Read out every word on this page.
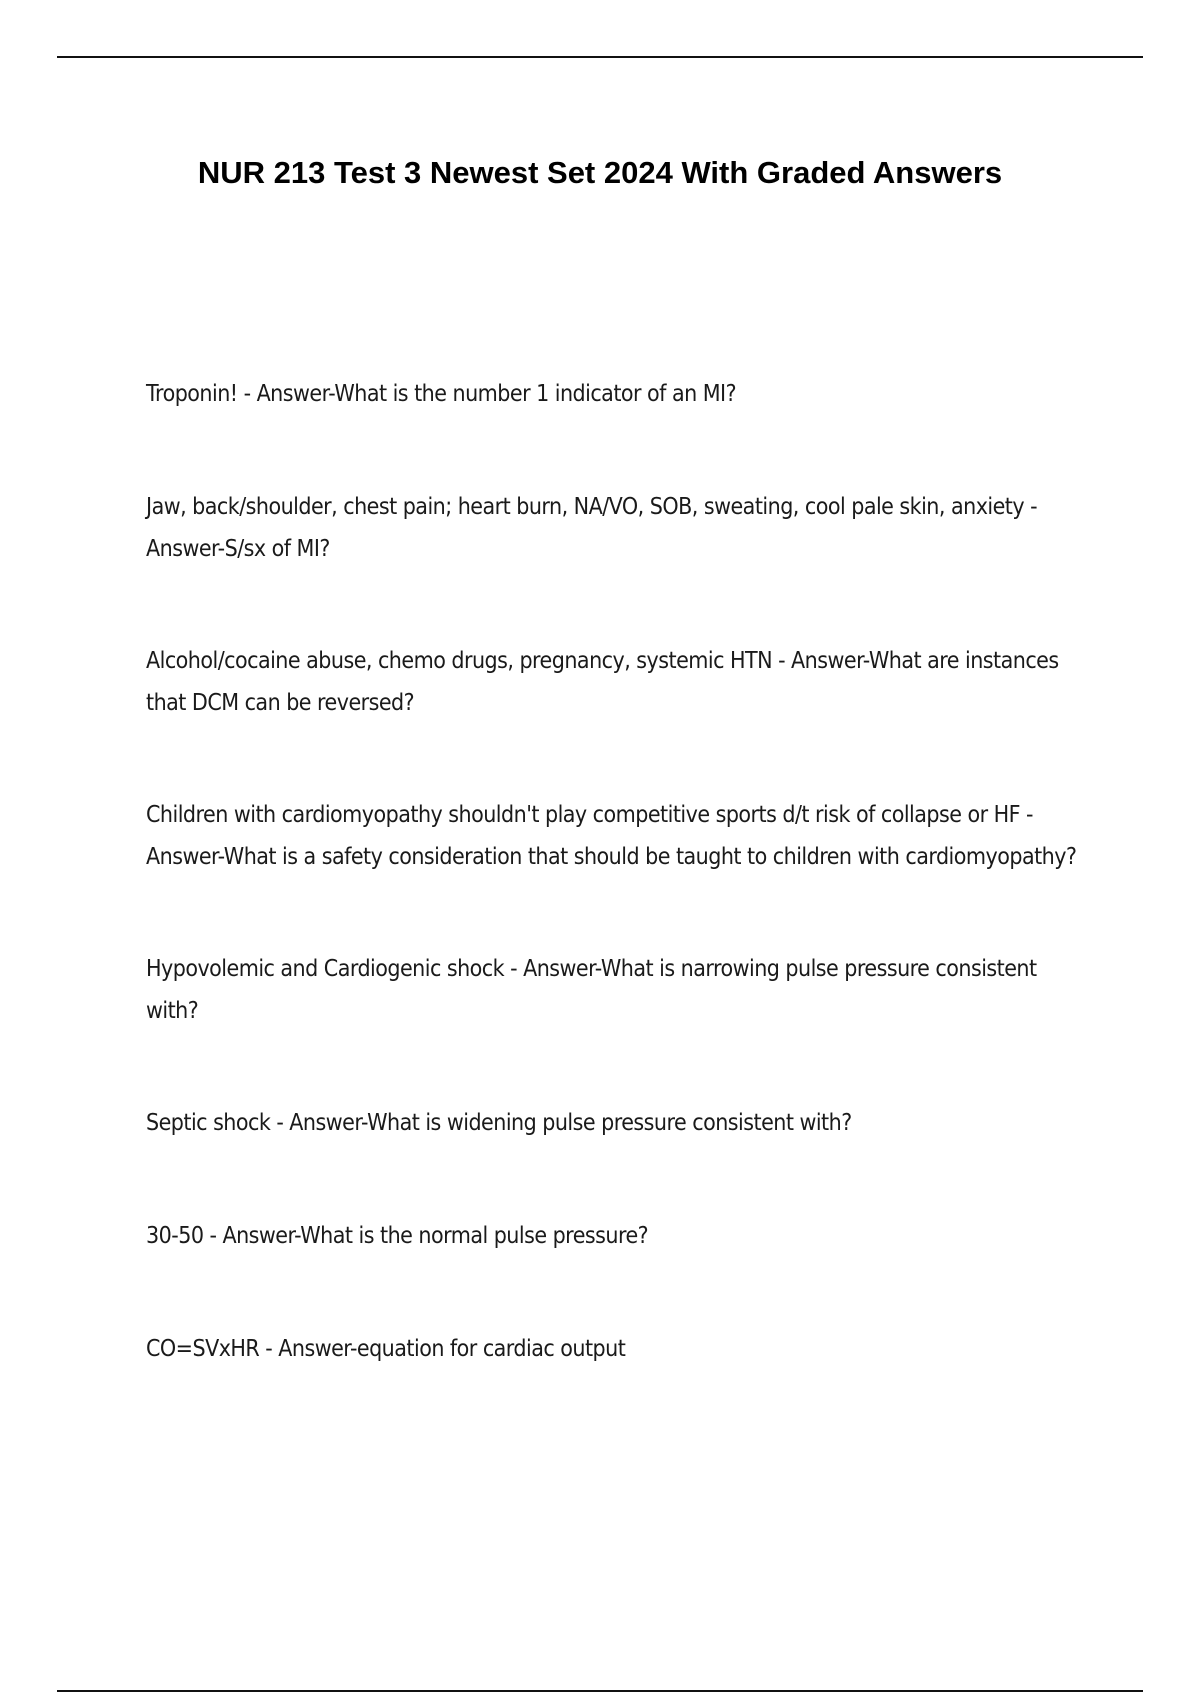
NUR 213 Test 3 Newest Set 2024 With Graded Answers

Troponin! - Answer-What is the number 1 indicator of an MI?

Jaw, back/shoulder, chest pain; heart burn, NA/VO, SOB, sweating, cool pale skin, anxiety - Answer-S/sx of MI?

Alcohol/cocaine abuse, chemo drugs, pregnancy, systemic HTN - Answer-What are instances that DCM can be reversed?

Children with cardiomyopathy shouldn't play competitive sports d/t risk of collapse or HF - Answer-What is a safety consideration that should be taught to children with cardiomyopathy?

Hypovolemic and Cardiogenic shock - Answer-What is narrowing pulse pressure consistent with?

Septic shock - Answer-What is widening pulse pressure consistent with?

30-50 - Answer-What is the normal pulse pressure?

CO=SVxHR - Answer-equation for cardiac output
